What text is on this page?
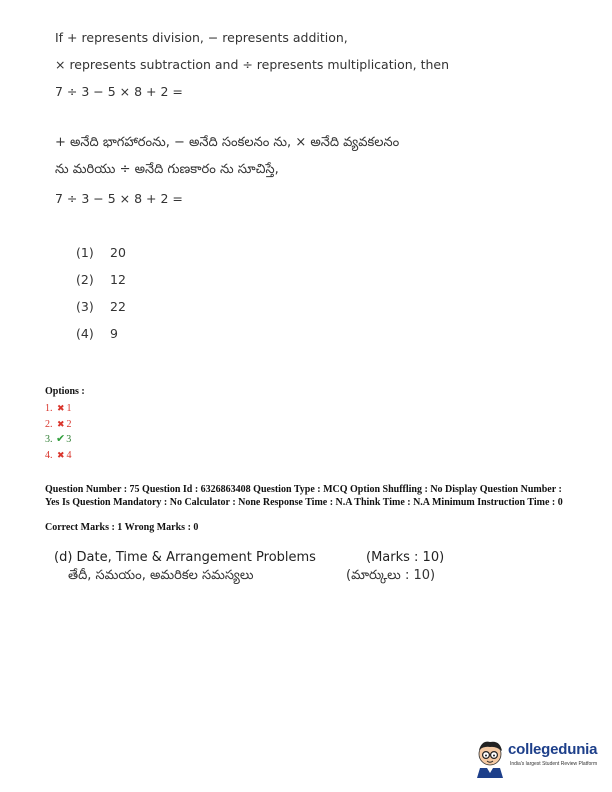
If + represents division, − represents addition,
× represents subtraction and ÷ represents multiplication, then
7 ÷ 3 − 5 × 8 + 2 =
+ అనేది భాగహారంను, − అనేది సంకలనం ను, × అనేది వ్యవకలనం
ను మరియు ÷ అనేది గుణకారం ను సూచిస్తే,
7 ÷ 3 − 5 × 8 + 2 =
(1) 20
(2) 12
(3) 22
(4) 9
Options :
1. ✖ 1
2. ✖ 2
3. ✔3
4. ✖ 4
Question Number : 75 Question Id : 6326863408 Question Type : MCQ Option Shuffling : No Display Question Number : Yes Is Question Mandatory : No Calculator : None Response Time : N.A Think Time : N.A Minimum Instruction Time : 0
Correct Marks : 1 Wrong Marks : 0
(d) Date, Time & Arrangement Problems	(Marks : 10)
తేదీ, సమయం, అమరికల సమస్యలు	(మార్కులు : 10)
collegedunia
India's largest Student Review Platform
